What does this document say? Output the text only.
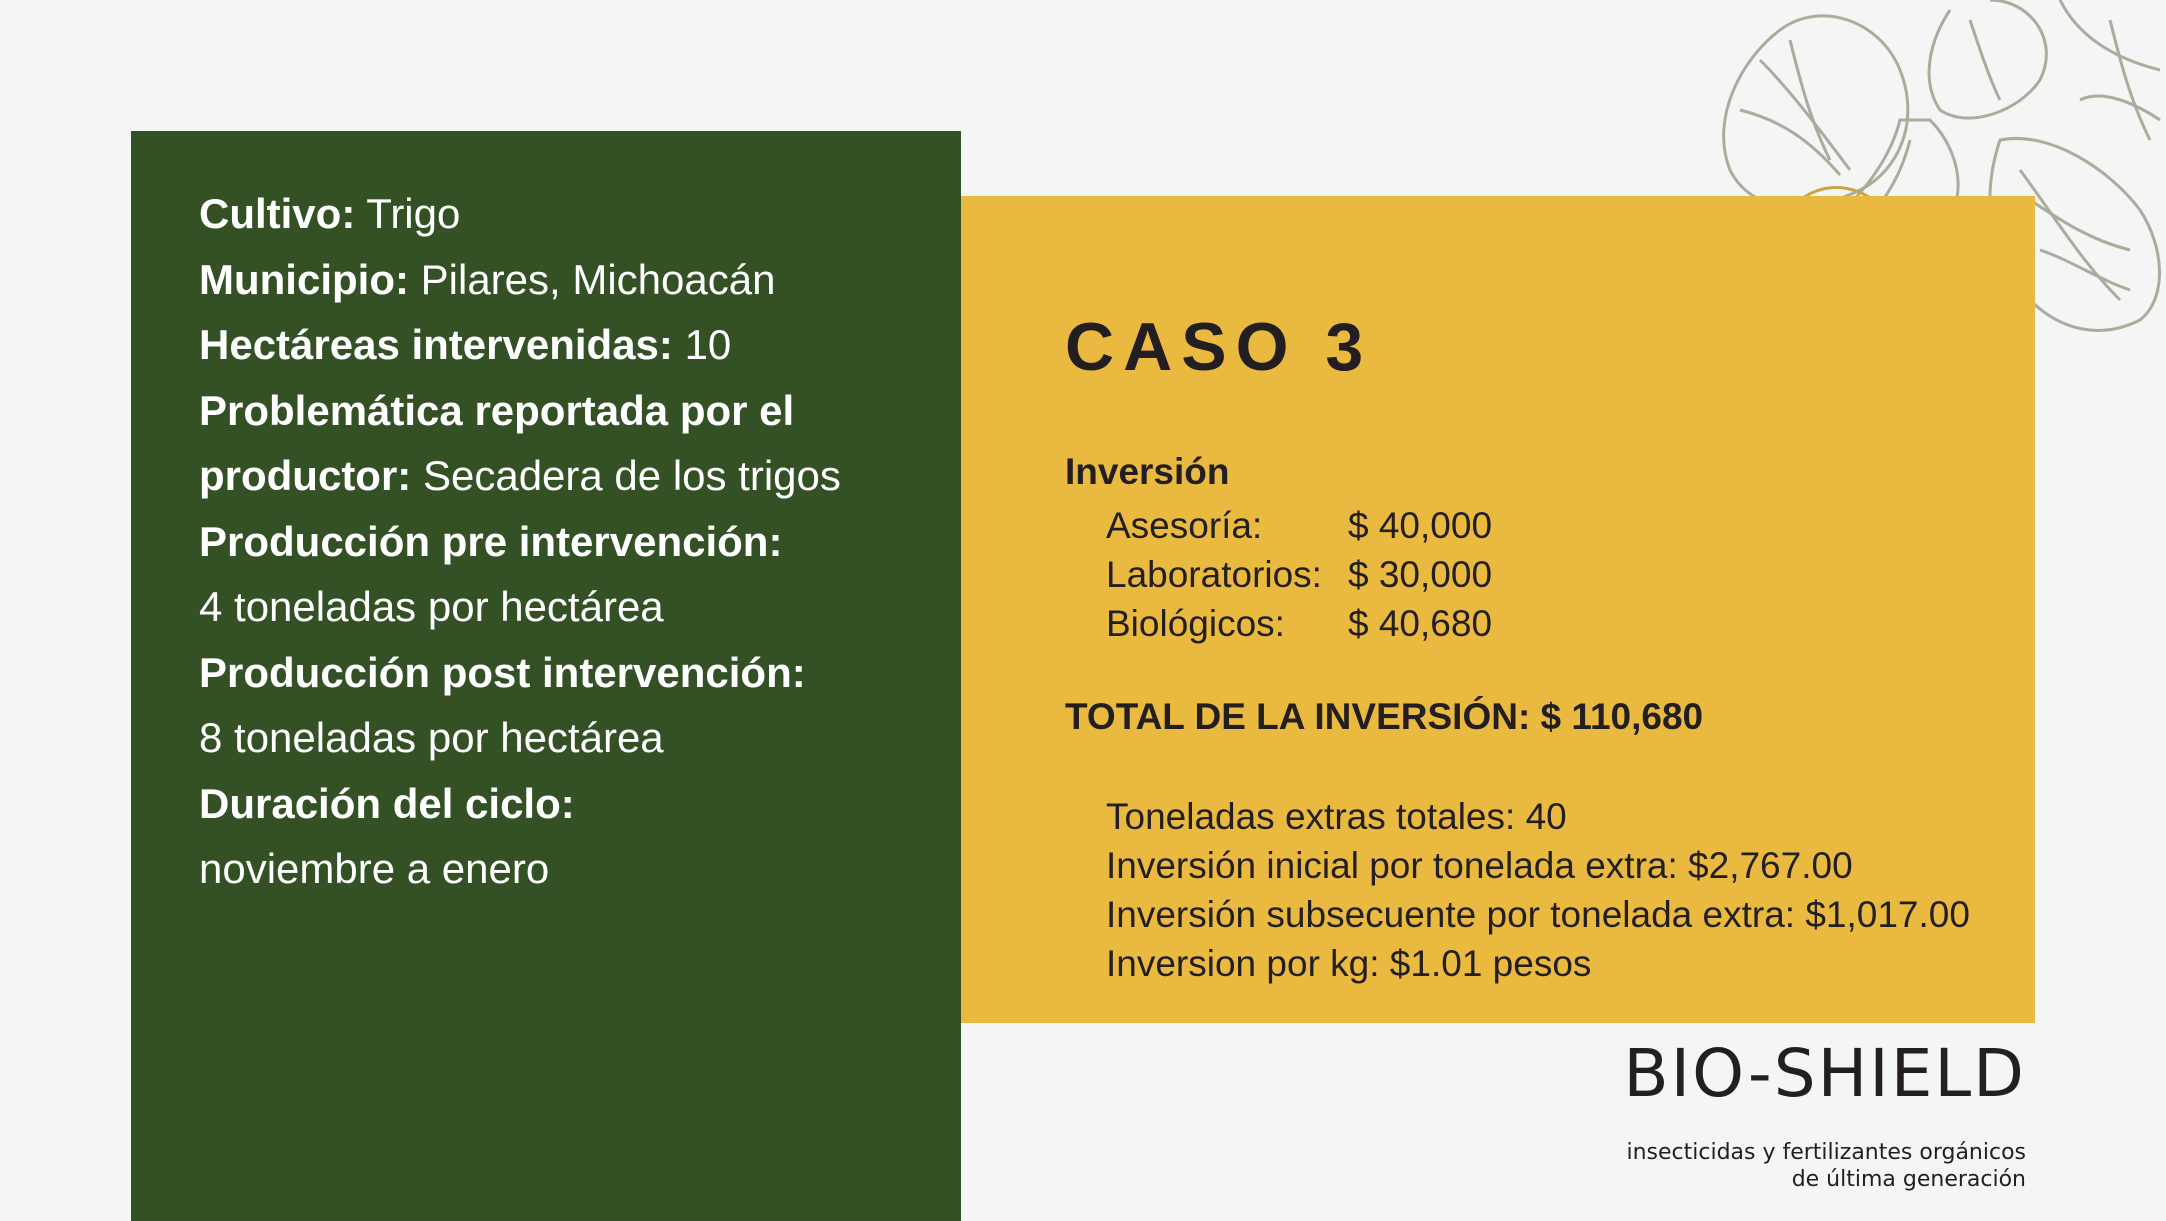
Cultivo: Trigo
Municipio: Pilares, Michoacán
Hectáreas intervenidas: 10
Problemática reportada por el
productor: Secadera de los trigos
Producción pre intervención:
4 toneladas por hectárea
Producción post intervención:
8 toneladas por hectárea
Duración del ciclo:
noviembre a enero
CASO 3
Inversión
Asesoría: $ 40,000
Laboratorios: $ 30,000
Biológicos: $ 40,680
TOTAL DE LA INVERSIÓN: $ 110,680
Toneladas extras totales: 40
Inversión inicial por tonelada extra: $2,767.00
Inversión subsecuente por tonelada extra: $1,017.00
Inversion por kg: $1.01 pesos
BIO-SHIELD
insecticidas y fertilizantes orgánicos
de última generación
